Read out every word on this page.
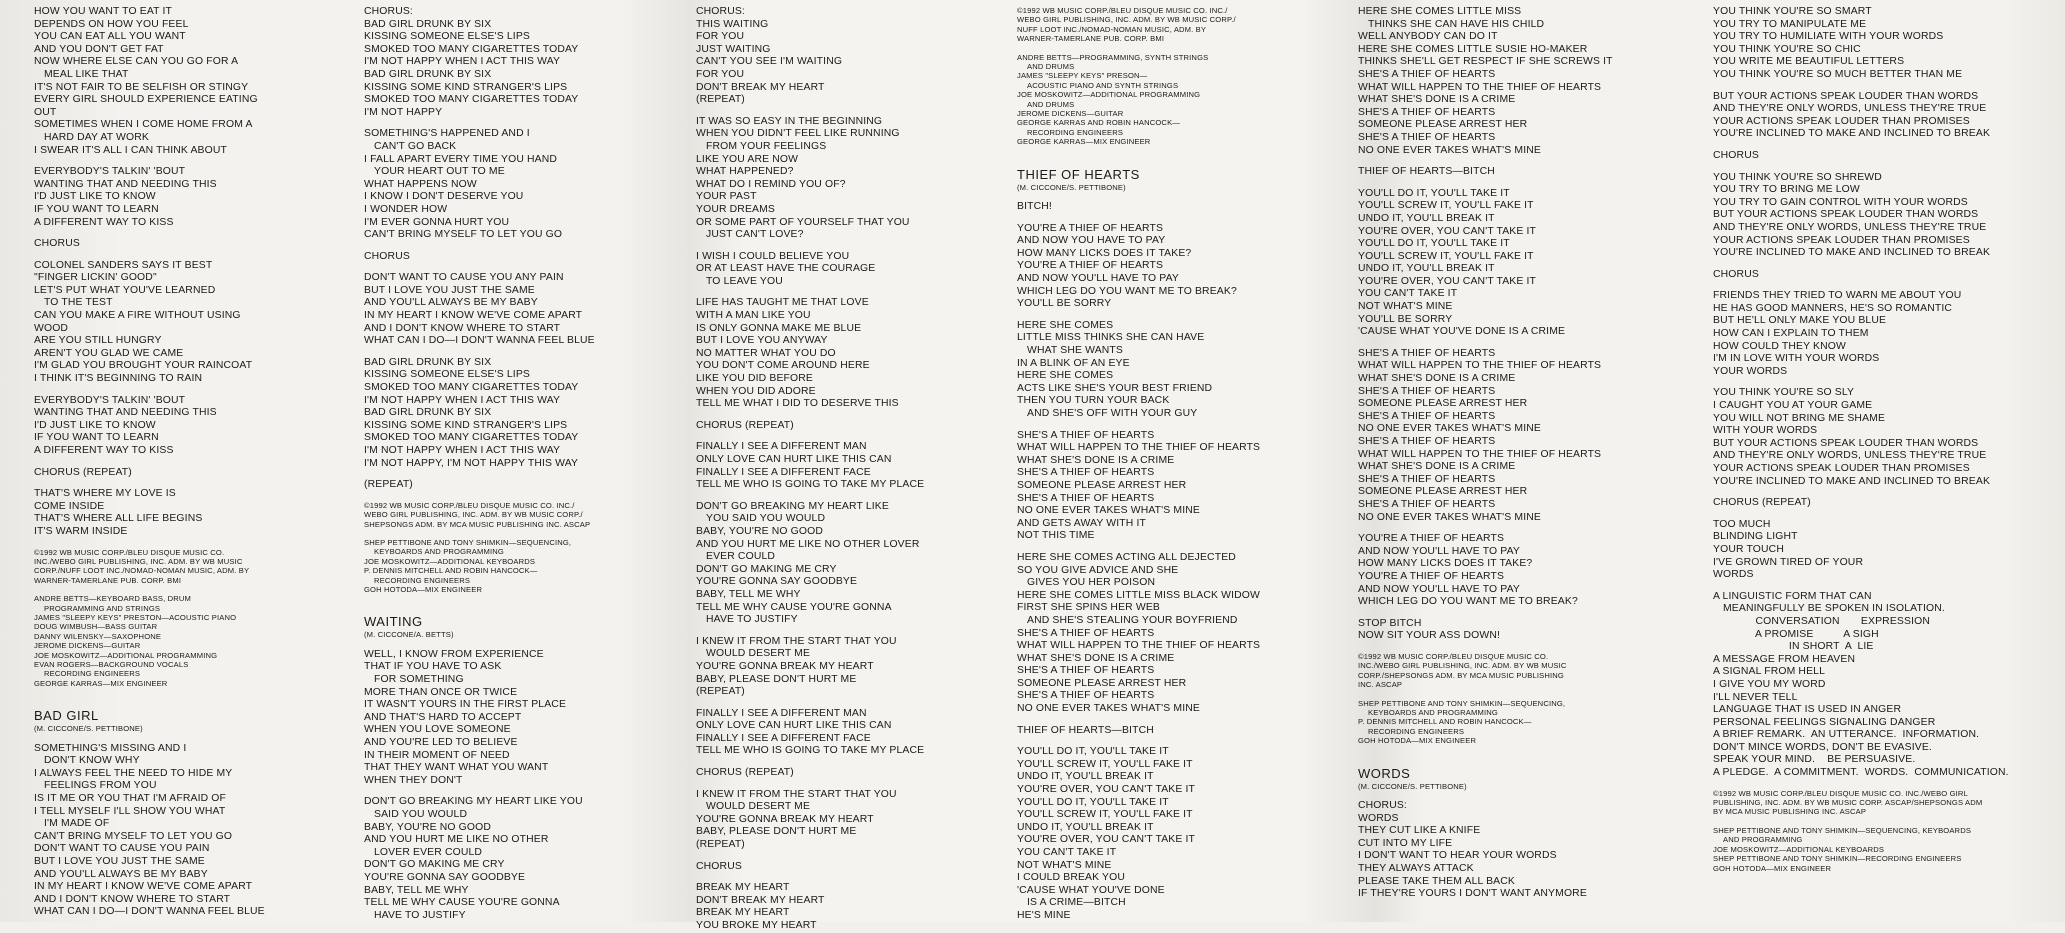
HOW YOU WANT TO EAT IT
DEPENDS ON HOW YOU FEEL
YOU CAN EAT ALL YOU WANT
AND YOU DON'T GET FAT
NOW WHERE ELSE CAN YOU GO FOR A
MEAL LIKE THAT
IT'S NOT FAIR TO BE SELFISH OR STINGY
EVERY GIRL SHOULD EXPERIENCE EATING
OUT
SOMETIMES WHEN I COME HOME FROM A
HARD DAY AT WORK
I SWEAR IT'S ALL I CAN THINK ABOUT
EVERYBODY'S TALKIN' 'BOUT
WANTING THAT AND NEEDING THIS
I'D JUST LIKE TO KNOW
IF YOU WANT TO LEARN
A DIFFERENT WAY TO KISS
CHORUS
COLONEL SANDERS SAYS IT BEST
"FINGER LICKIN' GOOD"
LET'S PUT WHAT YOU'VE LEARNED
TO THE TEST
CAN YOU MAKE A FIRE WITHOUT USING
WOOD
ARE YOU STILL HUNGRY
AREN'T YOU GLAD WE CAME
I'M GLAD YOU BROUGHT YOUR RAINCOAT
I THINK IT'S BEGINNING TO RAIN
EVERYBODY'S TALKIN' 'BOUT
WANTING THAT AND NEEDING THIS
I'D JUST LIKE TO KNOW
IF YOU WANT TO LEARN
A DIFFERENT WAY TO KISS
CHORUS (REPEAT)
THAT'S WHERE MY LOVE IS
COME INSIDE
THAT'S WHERE ALL LIFE BEGINS
IT'S WARM INSIDE
©1992 WB MUSIC CORP./BLEU DISQUE MUSIC CO.
INC./WEBO GIRL PUBLISHING, INC. ADM. BY WB MUSIC
CORP./NUFF LOOT INC./NOMAD-NOMAN MUSIC, ADM. BY
WARNER-TAMERLANE PUB. CORP. BMI
ANDRE BETTS—KEYBOARD BASS, DRUM
PROGRAMMING AND STRINGS
JAMES "SLEEPY KEYS" PRESTON—ACOUSTIC PIANO
DOUG WIMBUSH—BASS GUITAR
DANNY WILENSKY—SAXOPHONE
JEROME DICKENS—GUITAR
JOE MOSKOWITZ—ADDITIONAL PROGRAMMING
EVAN ROGERS—BACKGROUND VOCALS
RECORDING ENGINEERS
GEORGE KARRAS—MIX ENGINEER
BAD GIRL
(M. CICCONE/S. PETTIBONE)
SOMETHING'S MISSING AND I
DON'T KNOW WHY
I ALWAYS FEEL THE NEED TO HIDE MY
FEELINGS FROM YOU
IS IT ME OR YOU THAT I'M AFRAID OF
I TELL MYSELF I'LL SHOW YOU WHAT
I'M MADE OF
CAN'T BRING MYSELF TO LET YOU GO
DON'T WANT TO CAUSE YOU PAIN
BUT I LOVE YOU JUST THE SAME
AND YOU'LL ALWAYS BE MY BABY
IN MY HEART I KNOW WE'VE COME APART
AND I DON'T KNOW WHERE TO START
WHAT CAN I DO—I DON'T WANNA FEEL BLUE
CHORUS:
BAD GIRL DRUNK BY SIX
KISSING SOMEONE ELSE'S LIPS
SMOKED TOO MANY CIGARETTES TODAY
I'M NOT HAPPY WHEN I ACT THIS WAY
BAD GIRL DRUNK BY SIX
KISSING SOME KIND STRANGER'S LIPS
SMOKED TOO MANY CIGARETTES TODAY
I'M NOT HAPPY
SOMETHING'S HAPPENED AND I
CAN'T GO BACK
I FALL APART EVERY TIME YOU HAND
YOUR HEART OUT TO ME
WHAT HAPPENS NOW
I KNOW I DON'T DESERVE YOU
I WONDER HOW
I'M EVER GONNA HURT YOU
CAN'T BRING MYSELF TO LET YOU GO
CHORUS
DON'T WANT TO CAUSE YOU ANY PAIN
BUT I LOVE YOU JUST THE SAME
AND YOU'LL ALWAYS BE MY BABY
IN MY HEART I KNOW WE'VE COME APART
AND I DON'T KNOW WHERE TO START
WHAT CAN I DO—I DON'T WANNA FEEL BLUE
BAD GIRL DRUNK BY SIX
KISSING SOMEONE ELSE'S LIPS
SMOKED TOO MANY CIGARETTES TODAY
I'M NOT HAPPY WHEN I ACT THIS WAY
BAD GIRL DRUNK BY SIX
KISSING SOME KIND STRANGER'S LIPS
SMOKED TOO MANY CIGARETTES TODAY
I'M NOT HAPPY WHEN I ACT THIS WAY
I'M NOT HAPPY, I'M NOT HAPPY THIS WAY
(REPEAT)
©1992 WB MUSIC CORP./BLEU DISQUE MUSIC CO. INC./
WEBO GIRL PUBLISHING, INC. ADM. BY WB MUSIC CORP./
SHEPSONGS ADM. BY MCA MUSIC PUBLISHING INC. ASCAP
SHEP PETTIBONE AND TONY SHIMKIN—SEQUENCING,
KEYBOARDS AND PROGRAMMING
JOE MOSKOWITZ—ADDITIONAL KEYBOARDS
P. DENNIS MITCHELL AND ROBIN HANCOCK—
RECORDING ENGINEERS
GOH HOTODA—MIX ENGINEER
WAITING
(M. CICCONE/A. BETTS)
WELL, I KNOW FROM EXPERIENCE
THAT IF YOU HAVE TO ASK
FOR SOMETHING
MORE THAN ONCE OR TWICE
IT WASN'T YOURS IN THE FIRST PLACE
AND THAT'S HARD TO ACCEPT
WHEN YOU LOVE SOMEONE
AND YOU'RE LED TO BELIEVE
IN THEIR MOMENT OF NEED
THAT THEY WANT WHAT YOU WANT
WHEN THEY DON'T
DON'T GO BREAKING MY HEART LIKE YOU
SAID YOU WOULD
BABY, YOU'RE NO GOOD
AND YOU HURT ME LIKE NO OTHER
LOVER EVER COULD
DON'T GO MAKING ME CRY
YOU'RE GONNA SAY GOODBYE
BABY, TELL ME WHY
TELL ME WHY CAUSE YOU'RE GONNA
HAVE TO JUSTIFY
CHORUS:
THIS WAITING
FOR YOU
JUST WAITING
CAN'T YOU SEE I'M WAITING
FOR YOU
DON'T BREAK MY HEART
(REPEAT)
IT WAS SO EASY IN THE BEGINNING
WHEN YOU DIDN'T FEEL LIKE RUNNING
FROM YOUR FEELINGS
LIKE YOU ARE NOW
WHAT HAPPENED?
WHAT DO I REMIND YOU OF?
YOUR PAST
YOUR DREAMS
OR SOME PART OF YOURSELF THAT YOU
JUST CAN'T LOVE?
I WISH I COULD BELIEVE YOU
OR AT LEAST HAVE THE COURAGE
TO LEAVE YOU
LIFE HAS TAUGHT ME THAT LOVE
WITH A MAN LIKE YOU
IS ONLY GONNA MAKE ME BLUE
BUT I LOVE YOU ANYWAY
NO MATTER WHAT YOU DO
YOU DON'T COME AROUND HERE
LIKE YOU DID BEFORE
WHEN YOU DID ADORE
TELL ME WHAT I DID TO DESERVE THIS
CHORUS (REPEAT)
FINALLY I SEE A DIFFERENT MAN
ONLY LOVE CAN HURT LIKE THIS CAN
FINALLY I SEE A DIFFERENT FACE
TELL ME WHO IS GOING TO TAKE MY PLACE
DON'T GO BREAKING MY HEART LIKE
YOU SAID YOU WOULD
BABY, YOU'RE NO GOOD
AND YOU HURT ME LIKE NO OTHER LOVER
EVER COULD
DON'T GO MAKING ME CRY
YOU'RE GONNA SAY GOODBYE
BABY, TELL ME WHY
TELL ME WHY CAUSE YOU'RE GONNA
HAVE TO JUSTIFY
I KNEW IT FROM THE START THAT YOU
WOULD DESERT ME
YOU'RE GONNA BREAK MY HEART
BABY, PLEASE DON'T HURT ME
(REPEAT)
FINALLY I SEE A DIFFERENT MAN
ONLY LOVE CAN HURT LIKE THIS CAN
FINALLY I SEE A DIFFERENT FACE
TELL ME WHO IS GOING TO TAKE MY PLACE
CHORUS (REPEAT)
I KNEW IT FROM THE START THAT YOU
WOULD DESERT ME
YOU'RE GONNA BREAK MY HEART
BABY, PLEASE DON'T HURT ME
(REPEAT)
CHORUS
BREAK MY HEART
DON'T BREAK MY HEART
BREAK MY HEART
YOU BROKE MY HEART
©1992 WB MUSIC CORP./BLEU DISQUE MUSIC CO. INC./
WEBO GIRL PUBLISHING, INC. ADM. BY WB MUSIC CORP./
NUFF LOOT INC./NOMAD-NOMAN MUSIC, ADM. BY
WARNER-TAMERLANE PUB. CORP. BMI
ANDRE BETTS—PROGRAMMING, SYNTH STRINGS
AND DRUMS
JAMES "SLEEPY KEYS" PRESON—
ACOUSTIC PIANO AND SYNTH STRINGS
JOE MOSKOWITZ—ADDITIONAL PROGRAMMING
AND DRUMS
JEROME DICKENS—GUITAR
GEORGE KARRAS AND ROBIN HANCOCK—
RECORDING ENGINEERS
GEORGE KARRAS—MIX ENGINEER
THIEF OF HEARTS
(M. CICCONE/S. PETTIBONE)
BITCH!
YOU'RE A THIEF OF HEARTS
AND NOW YOU HAVE TO PAY
HOW MANY LICKS DOES IT TAKE?
YOU'RE A THIEF OF HEARTS
AND NOW YOU'LL HAVE TO PAY
WHICH LEG DO YOU WANT ME TO BREAK?
YOU'LL BE SORRY
HERE SHE COMES
LITTLE MISS THINKS SHE CAN HAVE
WHAT SHE WANTS
IN A BLINK OF AN EYE
HERE SHE COMES
ACTS LIKE SHE'S YOUR BEST FRIEND
THEN YOU TURN YOUR BACK
AND SHE'S OFF WITH YOUR GUY
SHE'S A THIEF OF HEARTS
WHAT WILL HAPPEN TO THE THIEF OF HEARTS
WHAT SHE'S DONE IS A CRIME
SHE'S A THIEF OF HEARTS
SOMEONE PLEASE ARREST HER
SHE'S A THIEF OF HEARTS
NO ONE EVER TAKES WHAT'S MINE
AND GETS AWAY WITH IT
NOT THIS TIME
HERE SHE COMES ACTING ALL DEJECTED
SO YOU GIVE ADVICE AND SHE
GIVES YOU HER POISON
HERE SHE COMES LITTLE MISS BLACK WIDOW
FIRST SHE SPINS HER WEB
AND SHE'S STEALING YOUR BOYFRIEND
SHE'S A THIEF OF HEARTS
WHAT WILL HAPPEN TO THE THIEF OF HEARTS
WHAT SHE'S DONE IS A CRIME
SHE'S A THIEF OF HEARTS
SOMEONE PLEASE ARREST HER
SHE'S A THIEF OF HEARTS
NO ONE EVER TAKES WHAT'S MINE
THIEF OF HEARTS—BITCH
YOU'LL DO IT, YOU'LL TAKE IT
YOU'LL SCREW IT, YOU'LL FAKE IT
UNDO IT, YOU'LL BREAK IT
YOU'RE OVER, YOU CAN'T TAKE IT
YOU'LL DO IT, YOU'LL TAKE IT
YOU'LL SCREW IT, YOU'LL FAKE IT
UNDO IT, YOU'LL BREAK IT
YOU'RE OVER, YOU CAN'T TAKE IT
YOU CAN'T TAKE IT
NOT WHAT'S MINE
I COULD BREAK YOU
'CAUSE WHAT YOU'VE DONE
IS A CRIME—BITCH
HE'S MINE
HERE SHE COMES LITTLE MISS
THINKS SHE CAN HAVE HIS CHILD
WELL ANYBODY CAN DO IT
HERE SHE COMES LITTLE SUSIE HO-MAKER
THINKS SHE'LL GET RESPECT IF SHE SCREWS IT
SHE'S A THIEF OF HEARTS
WHAT WILL HAPPEN TO THE THIEF OF HEARTS
WHAT SHE'S DONE IS A CRIME
SHE'S A THIEF OF HEARTS
SOMEONE PLEASE ARREST HER
SHE'S A THIEF OF HEARTS
NO ONE EVER TAKES WHAT'S MINE
THIEF OF HEARTS—BITCH
YOU'LL DO IT, YOU'LL TAKE IT
YOU'LL SCREW IT, YOU'LL FAKE IT
UNDO IT, YOU'LL BREAK IT
YOU'RE OVER, YOU CAN'T TAKE IT
YOU'LL DO IT, YOU'LL TAKE IT
YOU'LL SCREW IT, YOU'LL FAKE IT
UNDO IT, YOU'LL BREAK IT
YOU'RE OVER, YOU CAN'T TAKE IT
YOU CAN'T TAKE IT
NOT WHAT'S MINE
YOU'LL BE SORRY
'CAUSE WHAT YOU'VE DONE IS A CRIME
SHE'S A THIEF OF HEARTS
WHAT WILL HAPPEN TO THE THIEF OF HEARTS
WHAT SHE'S DONE IS A CRIME
SHE'S A THIEF OF HEARTS
SOMEONE PLEASE ARREST HER
SHE'S A THIEF OF HEARTS
NO ONE EVER TAKES WHAT'S MINE
SHE'S A THIEF OF HEARTS
WHAT WILL HAPPEN TO THE THIEF OF HEARTS
WHAT SHE'S DONE IS A CRIME
SHE'S A THIEF OF HEARTS
SOMEONE PLEASE ARREST HER
SHE'S A THIEF OF HEARTS
NO ONE EVER TAKES WHAT'S MINE
YOU'RE A THIEF OF HEARTS
AND NOW YOU'LL HAVE TO PAY
HOW MANY LICKS DOES IT TAKE?
YOU'RE A THIEF OF HEARTS
AND NOW YOU'LL HAVE TO PAY
WHICH LEG DO YOU WANT ME TO BREAK?
STOP BITCH
NOW SIT YOUR ASS DOWN!
©1992 WB MUSIC CORP./BLEU DISQUE MUSIC CO.
INC./WEBO GIRL PUBLISHING, INC. ADM. BY WB MUSIC
CORP./SHEPSONGS ADM. BY MCA MUSIC PUBLISHING
INC. ASCAP
SHEP PETTIBONE AND TONY SHIMKIN—SEQUENCING,
KEYBOARDS AND PROGRAMMING
P. DENNIS MITCHELL AND ROBIN HANCOCK—
RECORDING ENGINEERS
GOH HOTODA—MIX ENGINEER
WORDS
(M. CICCONE/S. PETTIBONE)
CHORUS:
WORDS
THEY CUT LIKE A KNIFE
CUT INTO MY LIFE
I DON'T WANT TO HEAR YOUR WORDS
THEY ALWAYS ATTACK
PLEASE TAKE THEM ALL BACK
IF THEY'RE YOURS I DON'T WANT ANYMORE
YOU THINK YOU'RE SO SMART
YOU TRY TO MANIPULATE ME
YOU TRY TO HUMILIATE WITH YOUR WORDS
YOU THINK YOU'RE SO CHIC
YOU WRITE ME BEAUTIFUL LETTERS
YOU THINK YOU'RE SO MUCH BETTER THAN ME
BUT YOUR ACTIONS SPEAK LOUDER THAN WORDS
AND THEY'RE ONLY WORDS, UNLESS THEY'RE TRUE
YOUR ACTIONS SPEAK LOUDER THAN PROMISES
YOU'RE INCLINED TO MAKE AND INCLINED TO BREAK
CHORUS
YOU THINK YOU'RE SO SHREWD
YOU TRY TO BRING ME LOW
YOU TRY TO GAIN CONTROL WITH YOUR WORDS
BUT YOUR ACTIONS SPEAK LOUDER THAN WORDS
AND THEY'RE ONLY WORDS, UNLESS THEY'RE TRUE
YOUR ACTIONS SPEAK LOUDER THAN PROMISES
YOU'RE INCLINED TO MAKE AND INCLINED TO BREAK
CHORUS
FRIENDS THEY TRIED TO WARN ME ABOUT YOU
HE HAS GOOD MANNERS, HE'S SO ROMANTIC
BUT HE'LL ONLY MAKE YOU BLUE
HOW CAN I EXPLAIN TO THEM
HOW COULD THEY KNOW
I'M IN LOVE WITH YOUR WORDS
YOUR WORDS
YOU THINK YOU'RE SO SLY
I CAUGHT YOU AT YOUR GAME
YOU WILL NOT BRING ME SHAME
WITH YOUR WORDS
BUT YOUR ACTIONS SPEAK LOUDER THAN WORDS
AND THEY'RE ONLY WORDS, UNLESS THEY'RE TRUE
YOUR ACTIONS SPEAK LOUDER THAN PROMISES
YOU'RE INCLINED TO MAKE AND INCLINED TO BREAK
CHORUS (REPEAT)
TOO MUCH
BLINDING LIGHT
YOUR TOUCH
I'VE GROWN TIRED OF YOUR
WORDS
A LINGUISTIC FORM THAT CAN
MEANINGFULLY BE SPOKEN IN ISOLATION.
CONVERSATION       EXPRESSION
A PROMISE          A SIGH
IN SHORT  A  LIE
A MESSAGE FROM HEAVEN
A SIGNAL FROM HELL
I GIVE YOU MY WORD
I'LL NEVER TELL
LANGUAGE THAT IS USED IN ANGER
PERSONAL FEELINGS SIGNALING DANGER
A BRIEF REMARK.  AN UTTERANCE.  INFORMATION.
DON'T MINCE WORDS, DON'T BE EVASIVE.
SPEAK YOUR MIND.    BE PERSUASIVE.
A PLEDGE.  A COMMITMENT.  WORDS.  COMMUNICATION.
©1992 WB MUSIC CORP./BLEU DISQUE MUSIC CO. INC./WEBO GIRL
PUBLISHING, INC. ADM. BY WB MUSIC CORP. ASCAP/SHEPSONGS ADM
BY MCA MUSIC PUBLISHING INC. ASCAP
SHEP PETTIBONE AND TONY SHIMKIN—SEQUENCING, KEYBOARDS
AND PROGRAMMING
JOE MOSKOWITZ—ADDITIONAL KEYBOARDS
SHEP PETTIBONE AND TONY SHIMKIN—RECORDING ENGINEERS
GOH HOTODA—MIX ENGINEER
